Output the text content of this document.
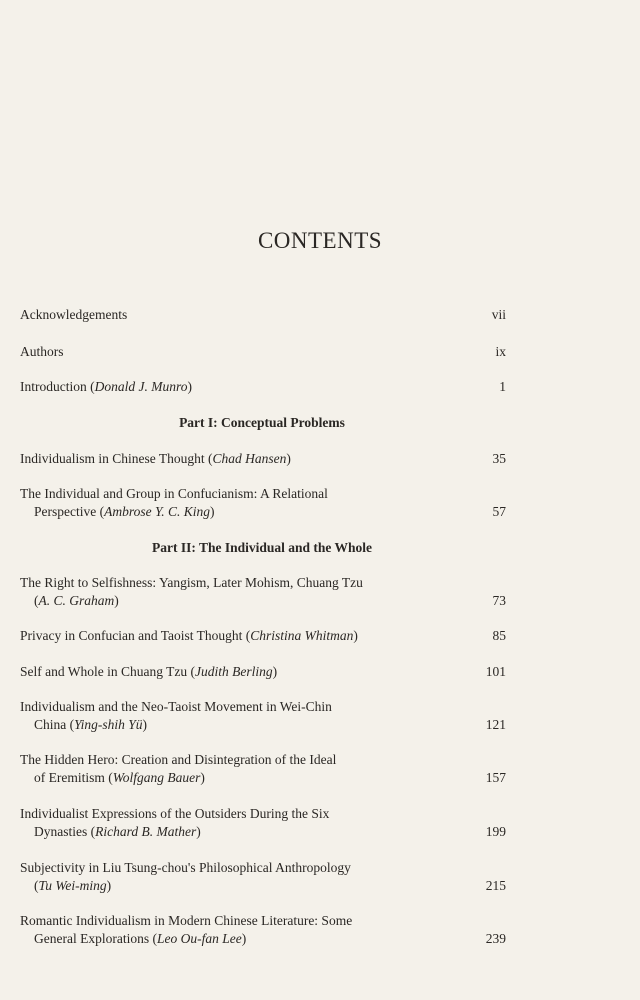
CONTENTS
Acknowledgements	vii
Authors	ix
Introduction (Donald J. Munro)	1
Individualism in Chinese Thought (Chad Hansen)	35
The Individual and Group in Confucianism: A Relational
Perspective (Ambrose Y. C. King)	57
The Right to Selfishness: Yangism, Later Mohism, Chuang Tzu
(A. C. Graham)	73
Privacy in Confucian and Taoist Thought (Christina Whitman)	85
Self and Whole in Chuang Tzu (Judith Berling)	101
Individualism and the Neo-Taoist Movement in Wei-Chin
China (Ying-shih Yü)	121
The Hidden Hero: Creation and Disintegration of the Ideal
of Eremitism (Wolfgang Bauer)	157
Individualist Expressions of the Outsiders During the Six
Dynasties (Richard B. Mather)	199
Subjectivity in Liu Tsung-chou's Philosophical Anthropology
(Tu Wei-ming)	215
Romantic Individualism in Modern Chinese Literature: Some
General Explorations (Leo Ou-fan Lee)	239
Part I: Conceptual Problems
Part II: The Individual and the Whole
